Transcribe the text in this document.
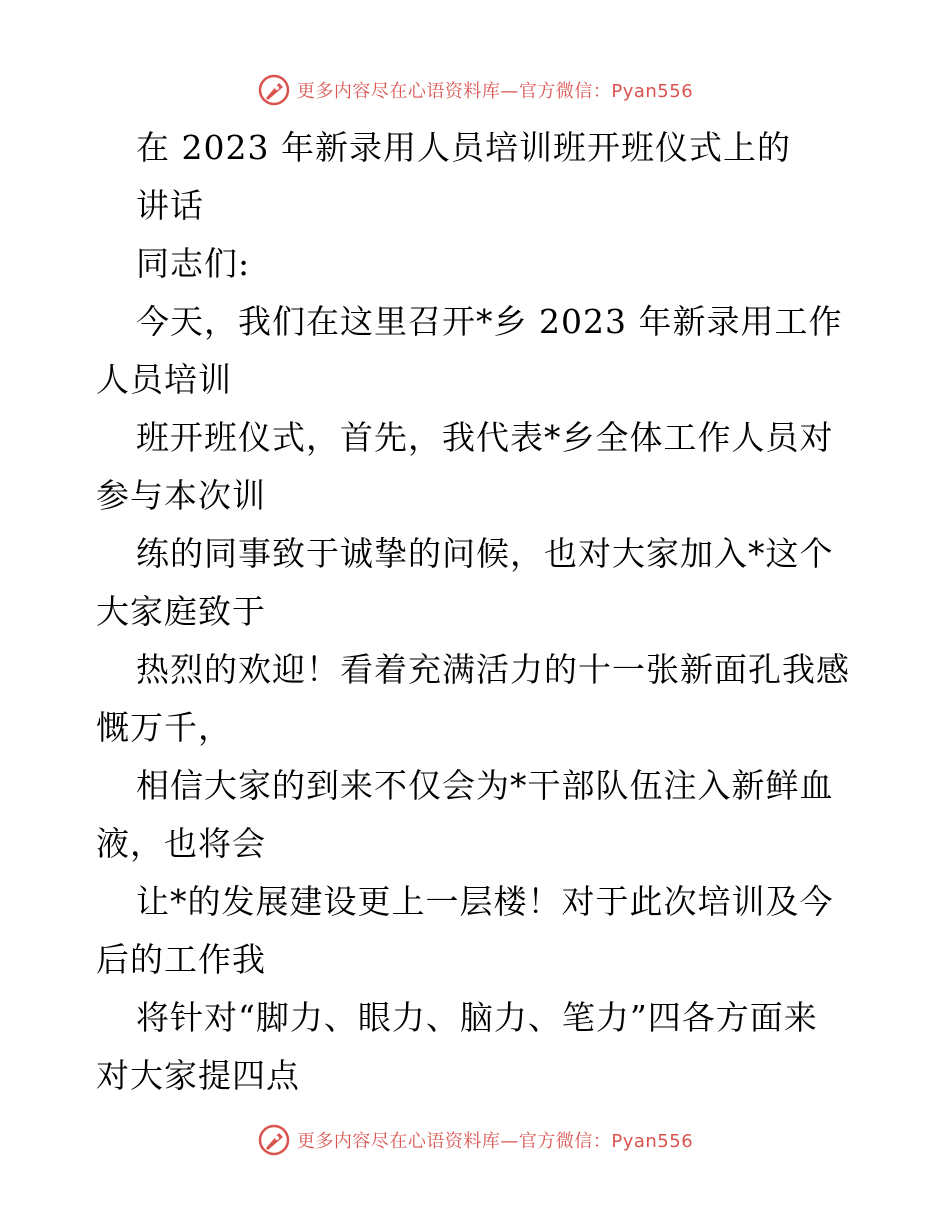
更多内容尽在心语资料库—官方微信：Pyan556
在 2023 年新录用人员培训班开班仪式上的
讲话
同志们:
今天，我们在这里召开*乡 2023 年新录用工作
人员培训
班开班仪式，首先，我代表*乡全体工作人员对
参与本次训
练的同事致于诚挚的问候，也对大家加入*这个
大家庭致于
热烈的欢迎！看着充满活力的十一张新面孔我感
慨万千，
相信大家的到来不仅会为*干部队伍注入新鲜血
液，也将会
让*的发展建设更上一层楼！对于此次培训及今
后的工作我
将针对“脚力、眼力、脑力、笔力”四各方面来
对大家提四点
更多内容尽在心语资料库—官方微信：Pyan556
